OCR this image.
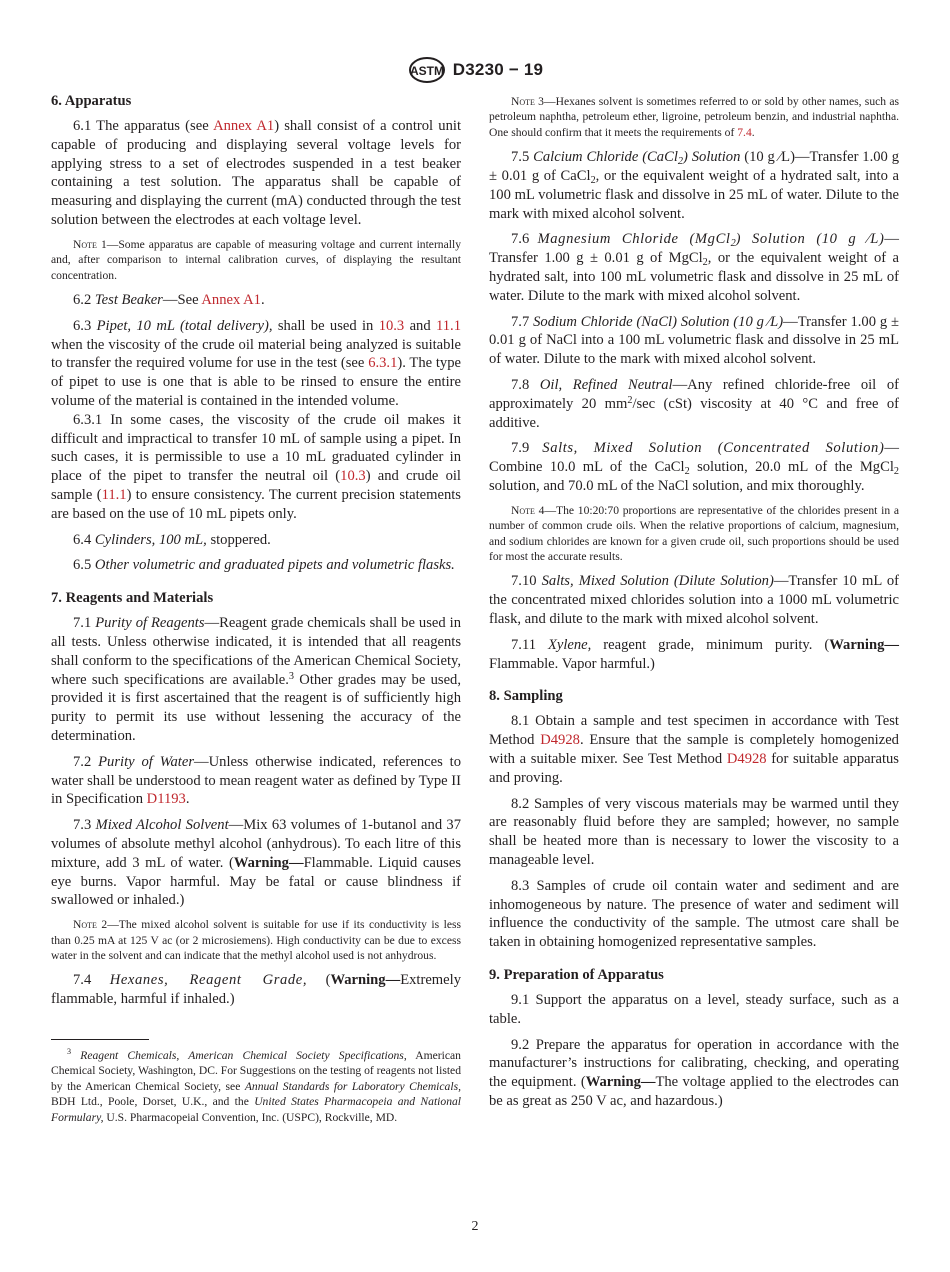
ASTM D3230 − 19
6. Apparatus

6.1 The apparatus (see Annex A1) shall consist of a control unit capable of producing and displaying several voltage levels for applying stress to a set of electrodes suspended in a test beaker containing a test solution. The apparatus shall be capable of measuring and displaying the current (mA) conducted through the test solution between the electrodes at each voltage level.

Note 1—Some apparatus are capable of measuring voltage and current internally and, after comparison to internal calibration curves, of displaying the resultant concentration.

6.2 Test Beaker—See Annex A1.

6.3 Pipet, 10 mL (total delivery), shall be used in 10.3 and 11.1 when the viscosity of the crude oil material being analyzed is suitable to transfer the required volume for use in the test (see 6.3.1). The type of pipet to use is one that is able to be rinsed to ensure the entire volume of the material is contained in the intended volume.

6.3.1 In some cases, the viscosity of the crude oil makes it difficult and impractical to transfer 10 mL of sample using a pipet. In such cases, it is permissible to use a 10 mL graduated cylinder in place of the pipet to transfer the neutral oil (10.3) and crude oil sample (11.1) to ensure consistency. The current precision statements are based on the use of 10 mL pipets only.

6.4 Cylinders, 100 mL, stoppered.

6.5 Other volumetric and graduated pipets and volumetric flasks.

7. Reagents and Materials

7.1 Purity of Reagents—Reagent grade chemicals shall be used in all tests. Unless otherwise indicated, it is intended that all reagents shall conform to the specifications of the American Chemical Society, where such specifications are available.$^3$ Other grades may be used, provided it is first ascertained that the reagent is of sufficiently high purity to permit its use without lessening the accuracy of the determination.

7.2 Purity of Water—Unless otherwise indicated, references to water shall be understood to mean reagent water as defined by Type II in Specification D1193.

7.3 Mixed Alcohol Solvent—Mix 63 volumes of 1-butanol and 37 volumes of absolute methyl alcohol (anhydrous). To each litre of this mixture, add 3 mL of water. (Warning—Flammable. Liquid causes eye burns. Vapor harmful. May be fatal or cause blindness if swallowed or inhaled.)

Note 2—The mixed alcohol solvent is suitable for use if its conductivity is less than 0.25 mA at 125 V ac (or 2 microsiemens). High conductivity can be due to excess water in the solvent and can indicate that the methyl alcohol used is not anhydrous.

7.4 Hexanes, Reagent Grade, (Warning—Extremely flammable, harmful if inhaled.)

$^3$ Reagent Chemicals, American Chemical Society Specifications, American Chemical Society, Washington, DC. For Suggestions on the testing of reagents not listed by the American Chemical Society, see Annual Standards for Laboratory Chemicals, BDH Ltd., Poole, Dorset, U.K., and the United States Pharmacopeia and National Formulary, U.S. Pharmacopeial Convention, Inc. (USPC), Rockville, MD.

Note 3—Hexanes solvent is sometimes referred to or sold by other names, such as petroleum naphtha, petroleum ether, ligroine, petroleum benzin, and industrial naphtha. One should confirm that it meets the requirements of 7.4.

7.5 Calcium Chloride (CaCl$_2$) Solution (10 g ⁄L)—Transfer 1.00 g ± 0.01 g of CaCl$_2$, or the equivalent weight of a hydrated salt, into a 100 mL volumetric flask and dissolve in 25 mL of water. Dilute to the mark with mixed alcohol solvent.

7.6 Magnesium Chloride (MgCl$_2$) Solution (10 g ⁄L)—Transfer 1.00 g ± 0.01 g of MgCl$_2$, or the equivalent weight of a hydrated salt, into 100 mL volumetric flask and dissolve in 25 mL of water. Dilute to the mark with mixed alcohol solvent.

7.7 Sodium Chloride (NaCl) Solution (10 g ⁄L)—Transfer 1.00 g ± 0.01 g of NaCl into a 100 mL volumetric flask and dissolve in 25 mL of water. Dilute to the mark with mixed alcohol solvent.

7.8 Oil, Refined Neutral—Any refined chloride-free oil of approximately 20 $mm^2/\sec$ (cSt) viscosity at 40 °C and free of additive.

7.9 Salts, Mixed Solution (Concentrated Solution)—Combine 10.0 mL of the CaCl$_2$ solution, 20.0 mL of the MgCl$_2$ solution, and 70.0 mL of the NaCl solution, and mix thoroughly.

Note 4—The 10:20:70 proportions are representative of the chlorides present in a number of common crude oils. When the relative proportions of calcium, magnesium, and sodium chlorides are known for a given crude oil, such proportions should be used for most the accurate results.

7.10 Salts, Mixed Solution (Dilute Solution)—Transfer 10 mL of the concentrated mixed chlorides solution into a 1000 mL volumetric flask, and dilute to the mark with mixed alcohol solvent.

7.11 Xylene, reagent grade, minimum purity. (Warning—Flammable. Vapor harmful.)

8. Sampling

8.1 Obtain a sample and test specimen in accordance with Test Method D4928. Ensure that the sample is completely homogenized with a suitable mixer. See Test Method D4928 for suitable apparatus and proving.

8.2 Samples of very viscous materials may be warmed until they are reasonably fluid before they are sampled; however, no sample shall be heated more than is necessary to lower the viscosity to a manageable level.

8.3 Samples of crude oil contain water and sediment and are inhomogeneous by nature. The presence of water and sediment will influence the conductivity of the sample. The utmost care shall be taken in obtaining homogenized representative samples.

9. Preparation of Apparatus

9.1 Support the apparatus on a level, steady surface, such as a table.

9.2 Prepare the apparatus for operation in accordance with the manufacturer’s instructions for calibrating, checking, and operating the equipment. (Warning—The voltage applied to the electrodes can be as great as 250 V ac, and hazardous.)

2
